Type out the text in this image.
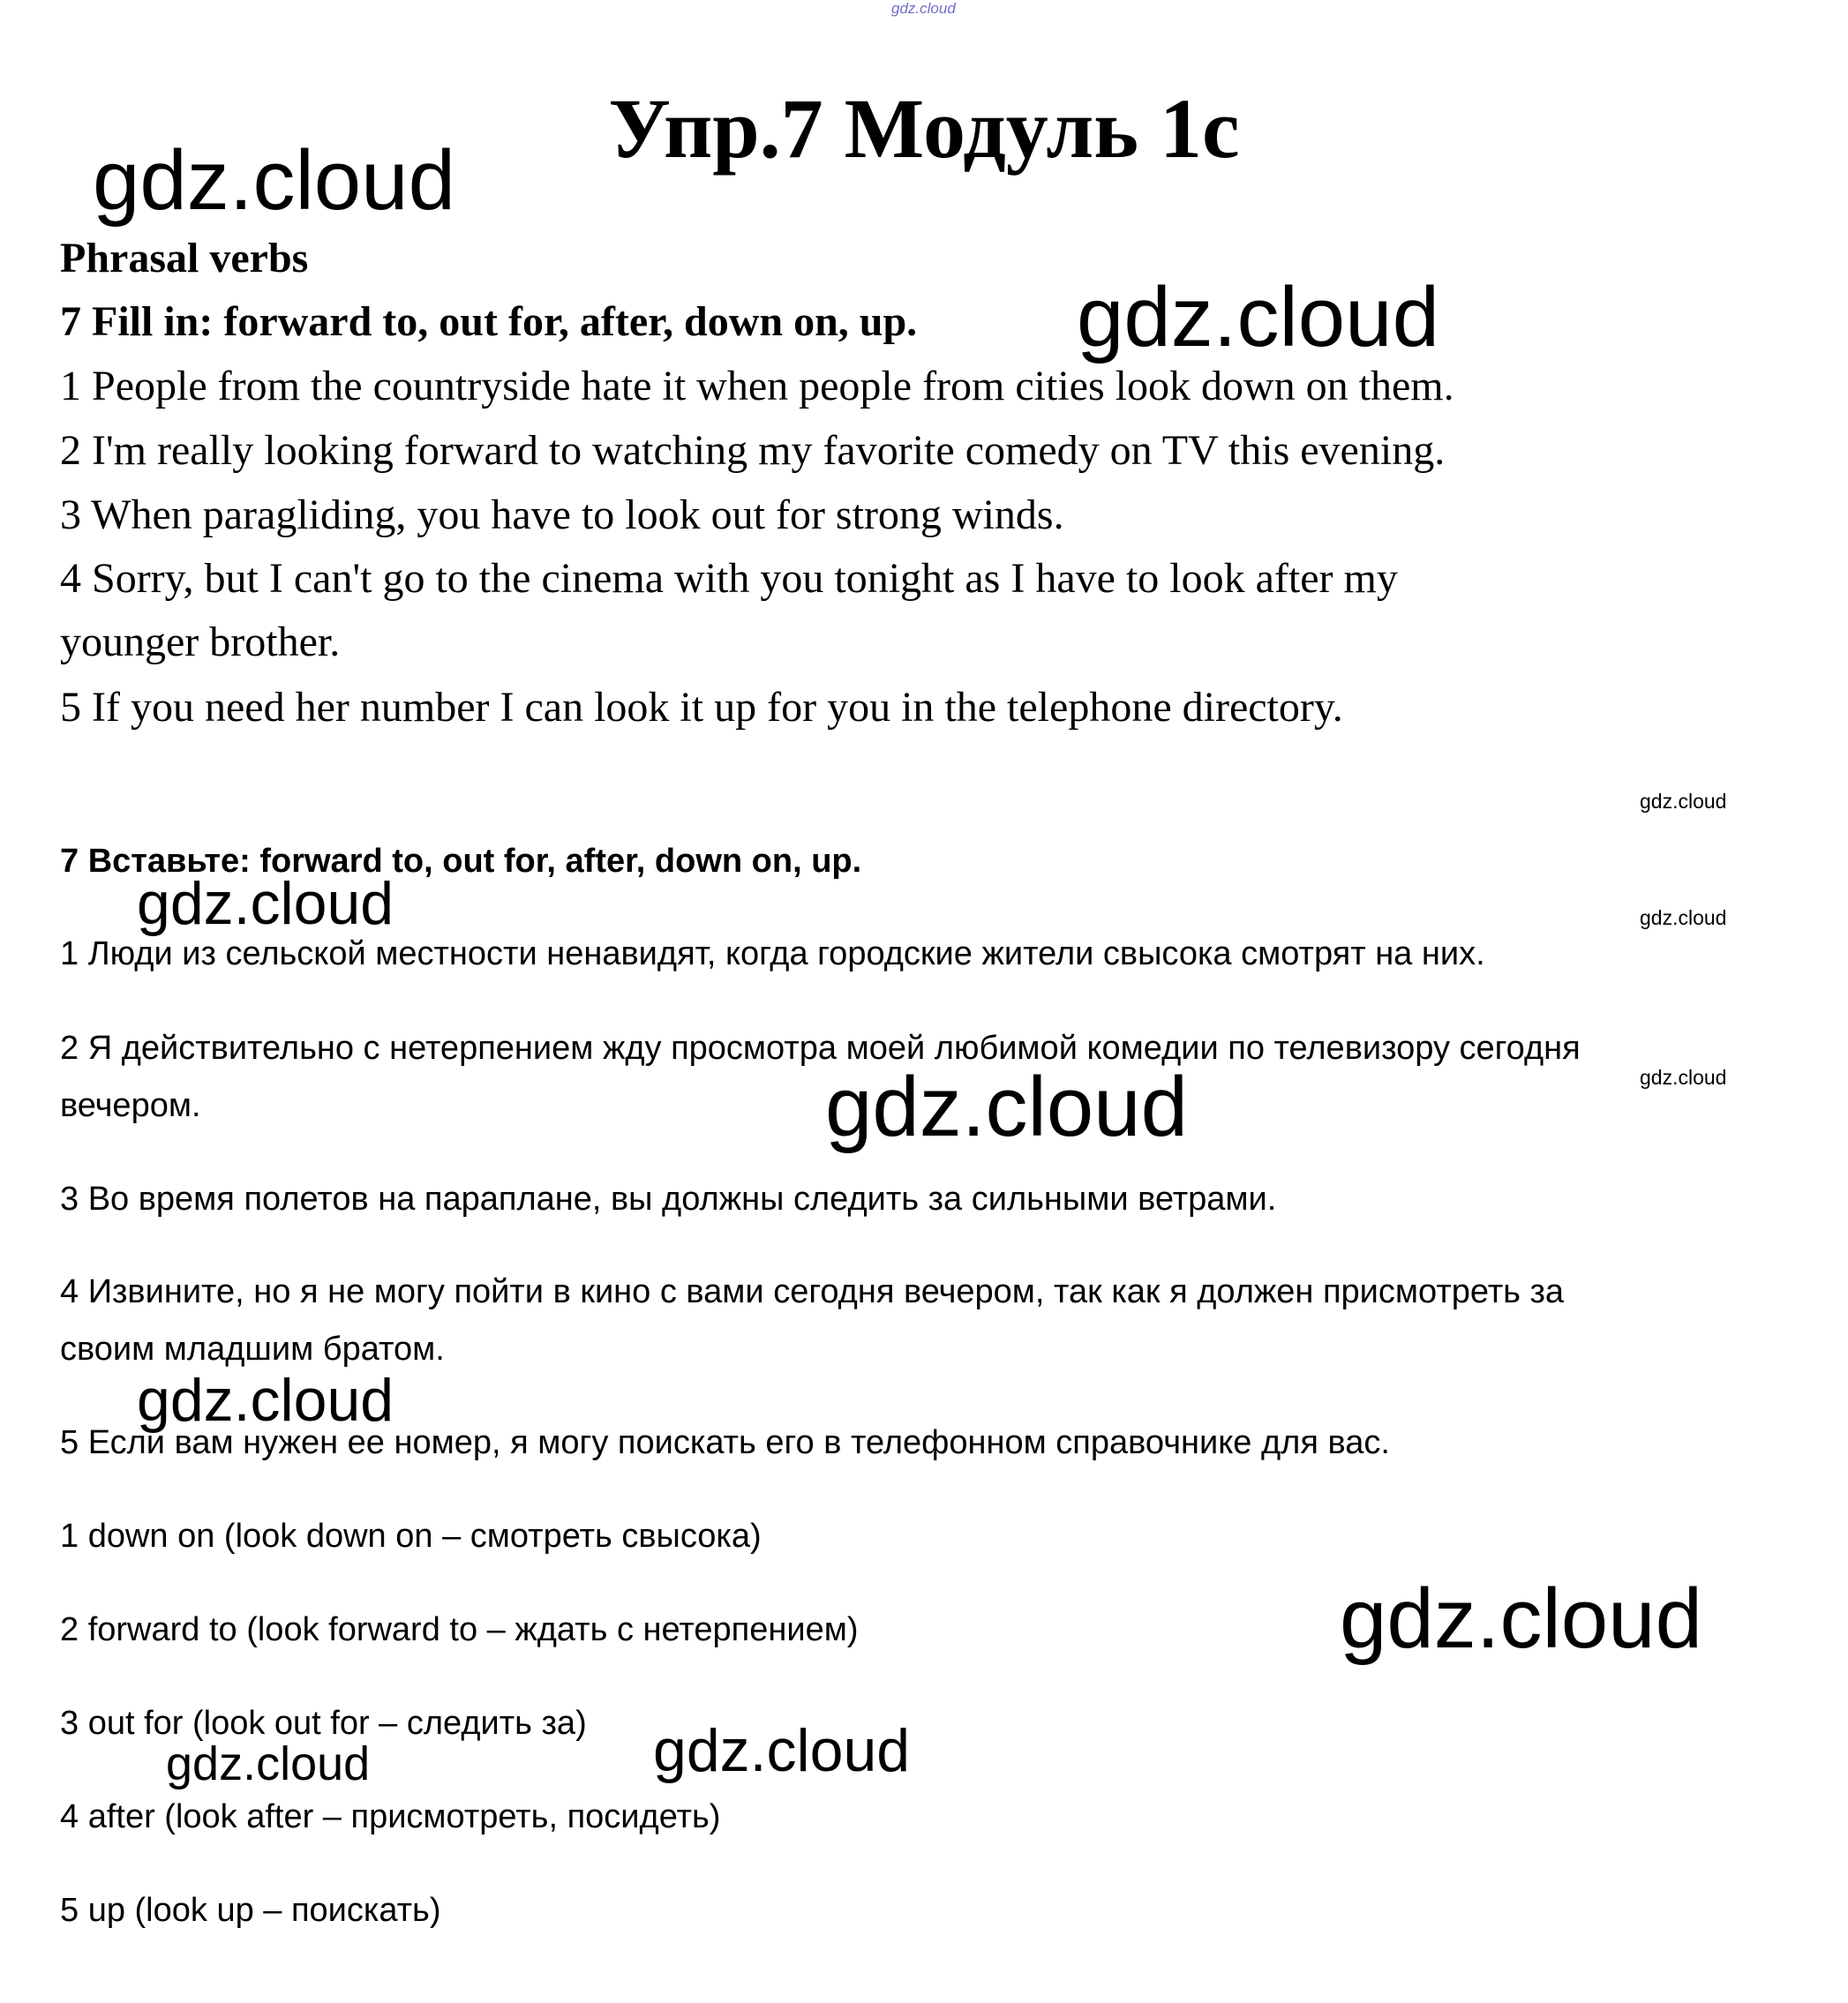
gdz.cloud
Упр.7 Модуль 1с
Phrasal verbs
7 Fill in: forward to, out for, after, down on, up.
1 People from the countryside hate it when people from cities look down on them.
2 I'm really looking forward to watching my favorite comedy on TV this evening.
3 When paragliding, you have to look out for strong winds.
4 Sorry, but I can't go to the cinema with you tonight as I have to look after my
younger brother.
5 If you need her number I can look it up for you in the telephone directory.
7 Вставьте: forward to, out for, after, down on, up.
1 Люди из сельской местности ненавидят, когда городские жители свысока смотрят на них.
2 Я действительно с нетерпением жду просмотра моей любимой комедии по телевизору сегодня
вечером.
3 Во время полетов на параплане, вы должны следить за сильными ветрами.
4 Извините, но я не могу пойти в кино с вами сегодня вечером, так как я должен присмотреть за
своим младшим братом.
5 Если вам нужен ее номер, я могу поискать его в телефонном справочнике для вас.
1 down on (look down on – смотреть свысока)
2 forward to (look forward to – ждать с нетерпением)
3 out for (look out for – следить за)
4 after (look after – присмотреть, посидеть)
5 up (look up – поискать)
gdz.cloud
gdz.cloud
gdz.cloud
gdz.cloud	gdz.cloud
gdz.cloud
gdz.cloud
gdz.cloud
gdz.cloud
gdz.cloud
gdz.cloud
